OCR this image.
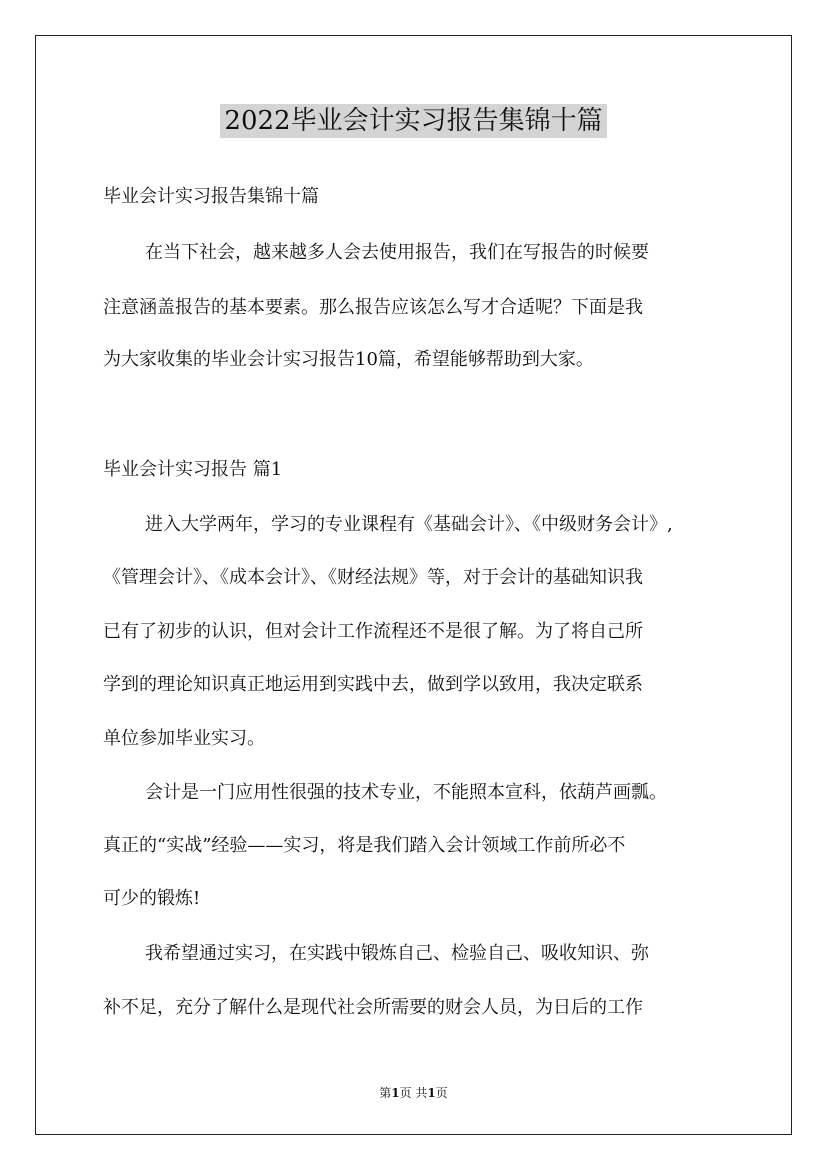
2022毕业会计实习报告集锦十篇
毕业会计实习报告集锦十篇
在当下社会，越来越多人会去使用报告，我们在写报告的时候要
注意涵盖报告的基本要素。那么报告应该怎么写才合适呢？下面是我
为大家收集的毕业会计实习报告10篇，希望能够帮助到大家。
毕业会计实习报告 篇1
进入大学两年，学习的专业课程有《基础会计》、《中级财务会计》,
《管理会计》、《成本会计》、《财经法规》等，对于会计的基础知识我
已有了初步的认识，但对会计工作流程还不是很了解。为了将自己所
学到的理论知识真正地运用到实践中去，做到学以致用，我决定联系
单位参加毕业实习。
会计是一门应用性很强的技术专业，不能照本宣科，依葫芦画瓢。
真正的“实战”经验——实习，将是我们踏入会计领域工作前所必不
可少的锻炼!
我希望通过实习，在实践中锻炼自己、检验自己、吸收知识、弥
补不足，充分了解什么是现代社会所需要的财会人员，为日后的工作
第1页 共1页
